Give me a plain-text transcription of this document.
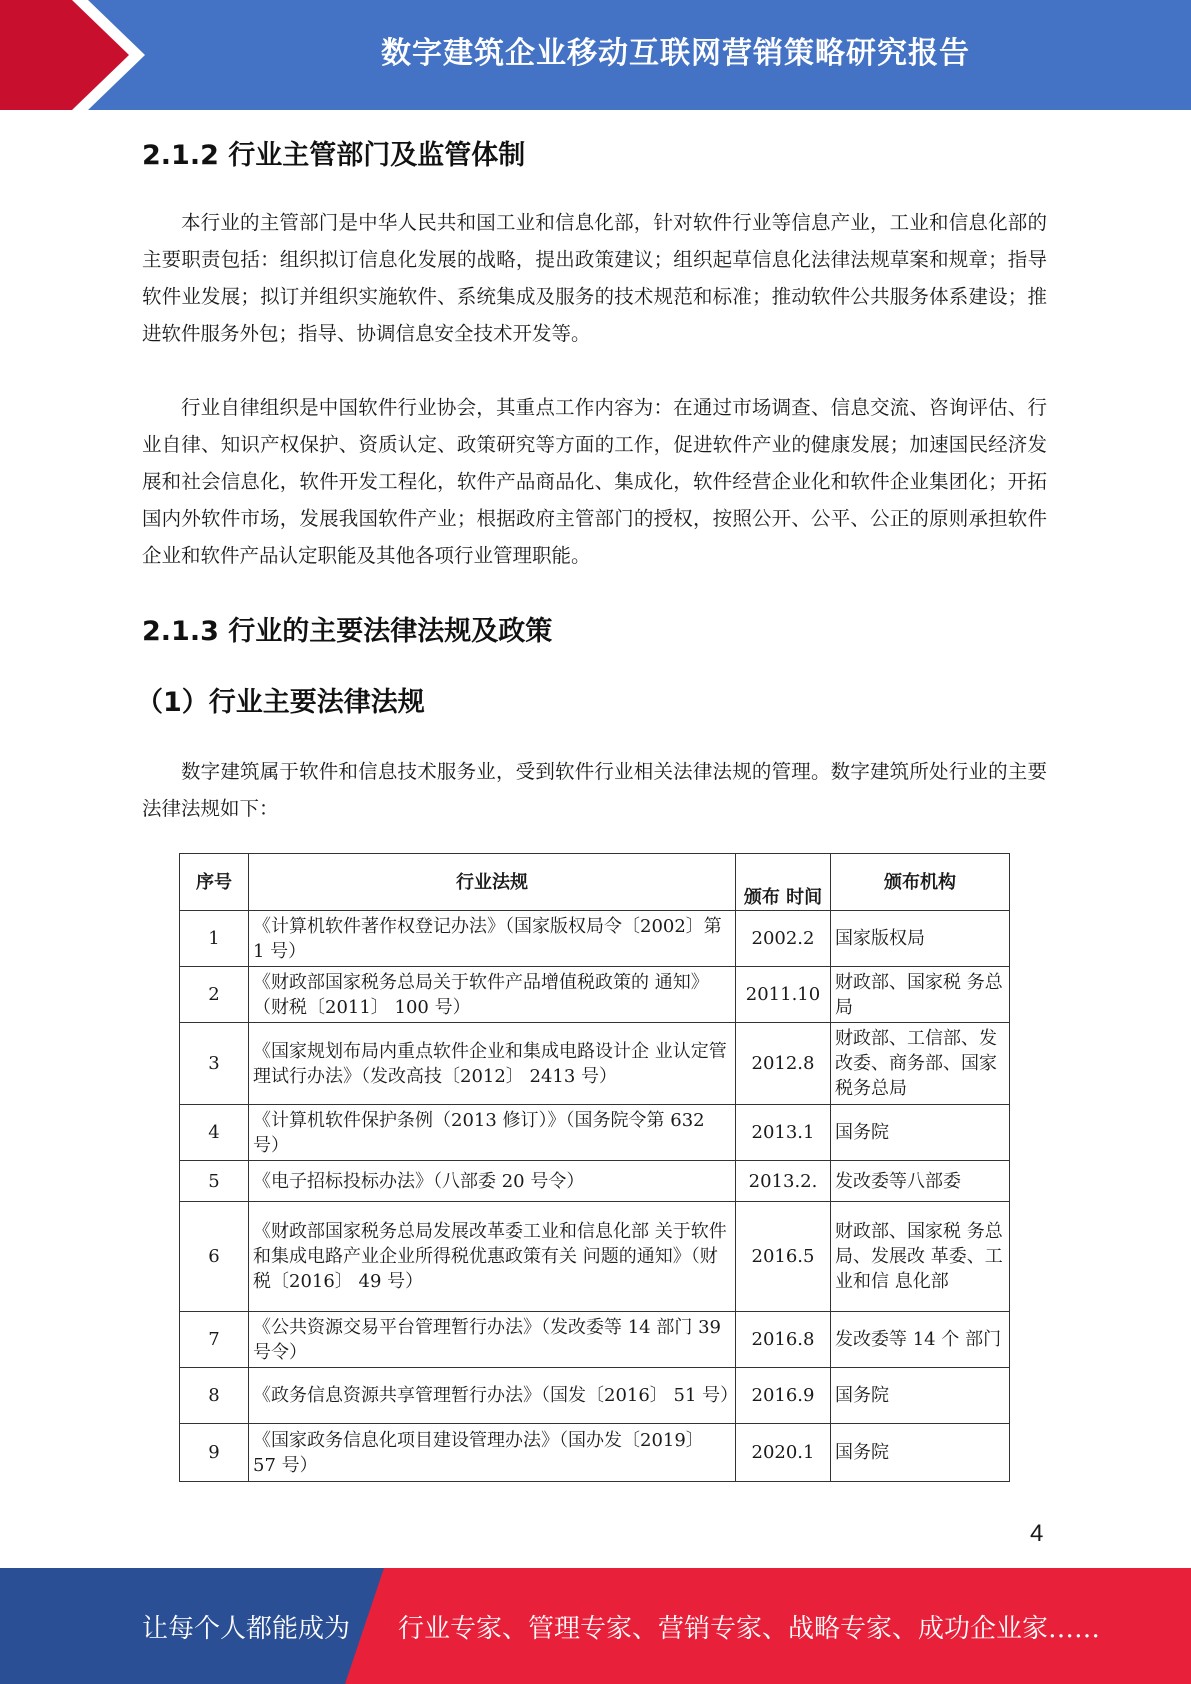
数字建筑企业移动互联网营销策略研究报告
2.1.2 行业主管部门及监管体制

本行业的主管部门是中华人民共和国工业和信息化部，针对软件行业等信息产业，工业和信息化部的主要职责包括：组织拟订信息化发展的战略，提出政策建议；组织起草信息化法律法规草案和规章；指导软件业发展；拟订并组织实施软件、系统集成及服务的技术规范和标准；推动软件公共服务体系建设；推进软件服务外包；指导、协调信息安全技术开发等。

行业自律组织是中国软件行业协会，其重点工作内容为：在通过市场调查、信息交流、咨询评估、行业自律、知识产权保护、资质认定、政策研究等方面的工作，促进软件产业的健康发展；加速国民经济发展和社会信息化，软件开发工程化，软件产品商品化、集成化，软件经营企业化和软件企业集团化；开拓国内外软件市场，发展我国软件产业；根据政府主管部门的授权，按照公开、公平、公正的原则承担软件企业和软件产品认定职能及其他各项行业管理职能。

2.1.3 行业的主要法律法规及政策
（1）行业主要法律法规

数字建筑属于软件和信息技术服务业，受到软件行业相关法律法规的管理。数字建筑所处行业的主要法律法规如下：

序号	行业法规	颁布 时间	颁布机构
1	《计算机软件著作权登记办法》（国家版权局令〔2002〕第 1 号）	2002.2	国家版权局
2	《财政部国家税务总局关于软件产品增值税政策的 通知》（财税〔2011〕 100 号）	2011.10	财政部、国家税 务总局
3	《国家规划布局内重点软件企业和集成电路设计企 业认定管理试行办法》（发改高技〔2012〕 2413 号）	2012.8	财政部、工信部、发改委、商务部、国家税务总局
4	《计算机软件保护条例（2013 修订）》（国务院令第 632 号）	2013.1	国务院
5	《电子招标投标办法》（八部委 20 号令）	2013.2.	发改委等八部委
6	《财政部国家税务总局发展改革委工业和信息化部 关于软件和集成电路产业企业所得税优惠政策有关 问题的通知》（财税〔2016〕 49 号）	2016.5	财政部、国家税 务总局、发展改 革委、工业和信 息化部
7	《公共资源交易平台管理暂行办法》（发改委等 14 部门 39 号令）	2016.8	发改委等 14 个 部门
8	《政务信息资源共享管理暂行办法》（国发〔2016〕 51 号）	2016.9	国务院
9	《国家政务信息化项目建设管理办法》（国办发〔2019〕 57 号）	2020.1	国务院
4
让每个人都能成为 行业专家、管理专家、营销专家、战略专家、成功企业家……
